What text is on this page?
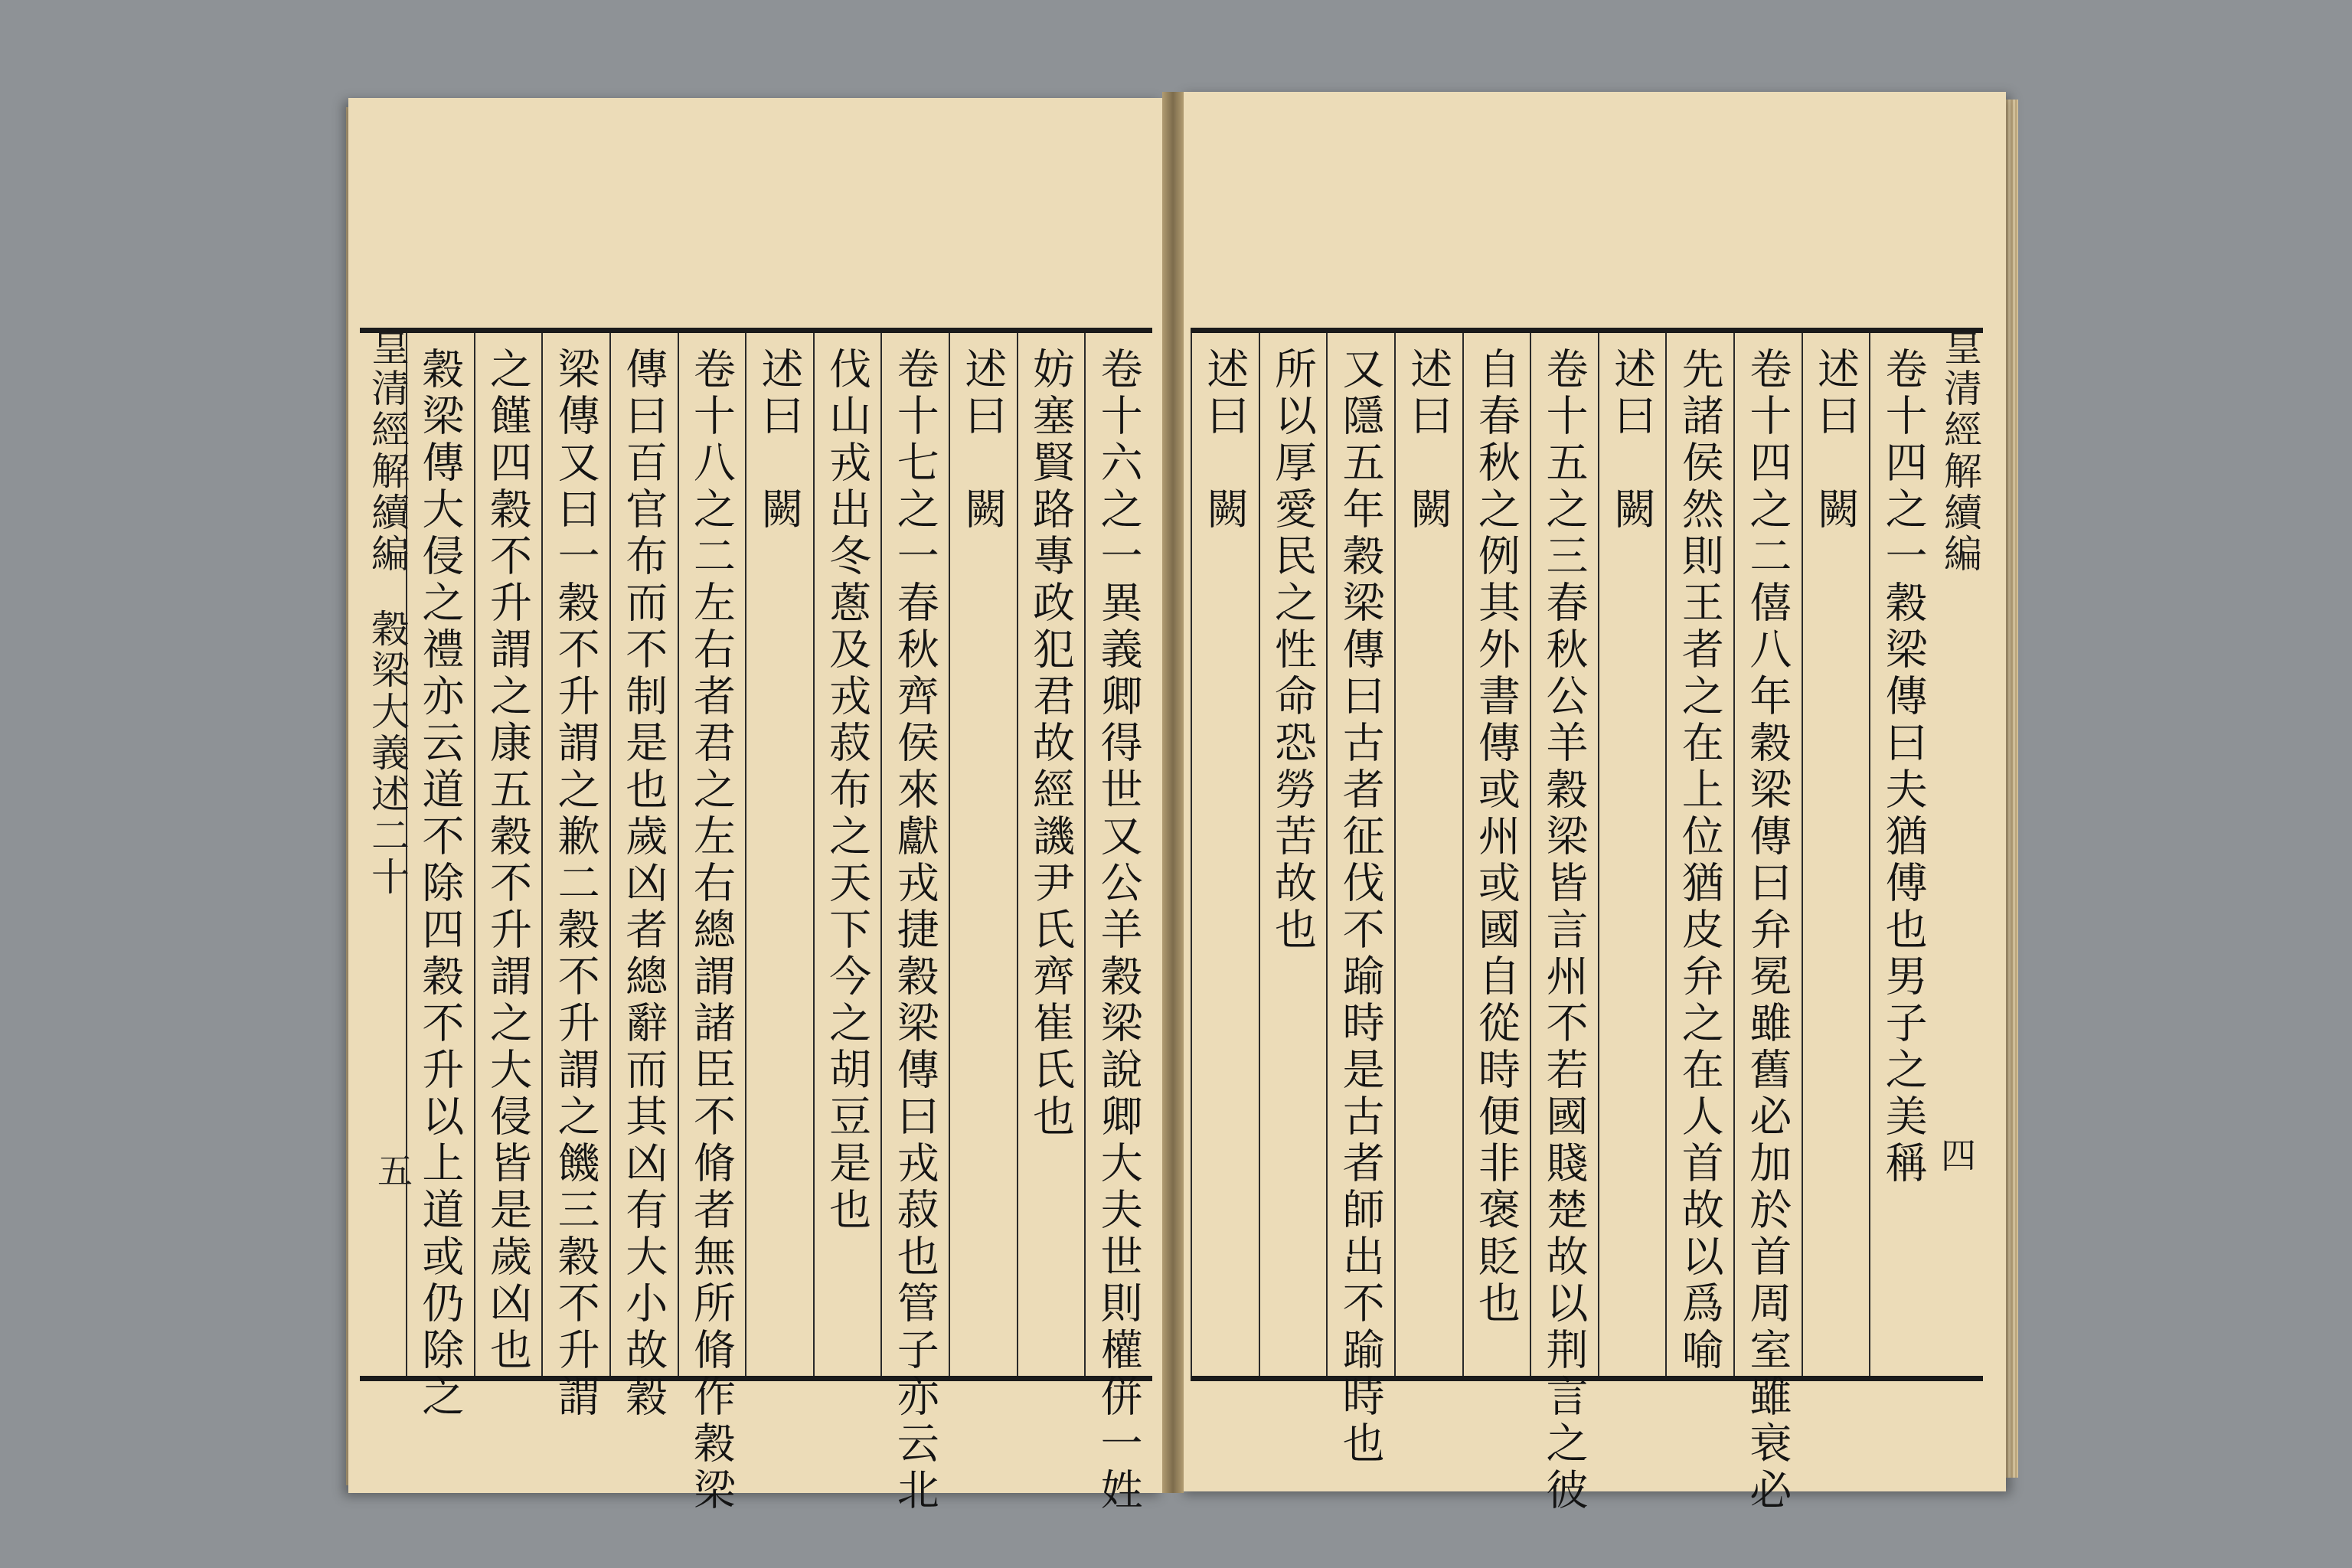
卷十六之一異義卿得世又公羊穀梁說卿大夫世則權併一姓
妨塞賢路專政犯君故經譏尹氏齊崔氏也
述曰　闕
卷十七之一春秋齊侯來獻戎捷穀梁傳曰戎菽也管子亦云北
伐山戎出冬蔥及戎菽布之天下今之胡豆是也
述曰　闕
卷十八之二左右者君之左右總謂諸臣不脩者無所脩作穀梁
傳曰百官布而不制是也歲凶者總辭而其凶有大小故穀
梁傳又曰一穀不升謂之歉二穀不升謂之饑三穀不升謂
之饉四穀不升謂之康五穀不升謂之大侵皆是歲凶也
穀梁傳大侵之禮亦云道不除四穀不升以上道或仍除之
皇清經解續編
穀梁大義述二十
五	卷十四之一穀梁傳曰夫猶傅也男子之美稱
述曰　闕
卷十四之二僖八年穀梁傳曰弁冕雖舊必加於首周室雖衰必
先諸侯然則王者之在上位猶皮弁之在人首故以爲喻
述曰　闕
卷十五之三春秋公羊穀梁皆言州不若國賤楚故以荆言之彼
自春秋之例其外書傳或州或國自從時便非褒貶也
述曰　闕
又隱五年穀梁傳曰古者征伐不踰時是古者師出不踰時也
所以厚愛民之性命恐勞苦故也
述曰　闕	皇清經解續編
四
